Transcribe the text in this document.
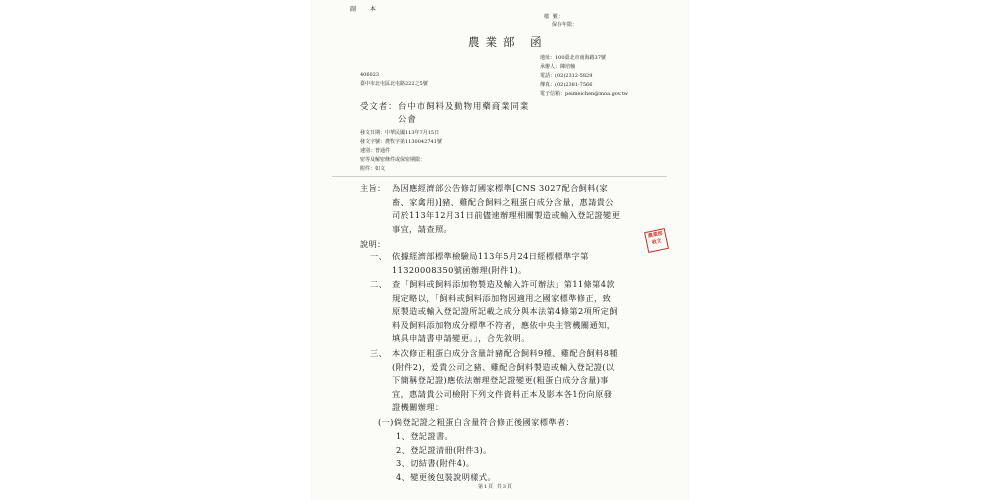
副 本
檔 號：
保存年限：
農業部 函
地址：100臺北市南海路37號
承辦人：陳培楠
電話：(02)2312-5829
傳真：(02)2381-7566
電子信箱：peimeichen@moa.gov.tw
406023
臺中市北屯區北屯路222之5號
受文者： 台中市飼料及動物用藥商業同業
公會
發文日期：中華民國113年7月15日
發文字號：農牧字第1130042741號
速別：普通件
密等及解密條件或保密期限：
附件：如文
主旨： 為因應經濟部公告修訂國家標準[CNS 3027配合飼料(家
畜、家禽用)]豬、雞配合飼料之粗蛋白成分含量，惠請貴公
司於113年12月31日前儘速辦理相關製造或輸入登記證變更
事宜，請查照。
說明：
一、 依據經濟部標準檢驗局113年5月24日經標標準字第
11320008350號函辦理(附件1)。
二、 查「飼料或飼料添加物製造及輸入許可辦法」第11條第4款
規定略以，「飼料或飼料添加物因適用之國家標準修正，致
原製造或輸入登記證所記載之成分與本法第4條第2項所定飼
料及飼料添加物成分標準不符者，應依中央主管機關通知，
填具申請書申請變更。」，合先敘明。
三、 本次修正粗蛋白成分含量計豬配合飼料9種、雞配合飼料8種
(附件2)，爰貴公司之豬、雞配合飼料製造或輸入登記證(以
下簡稱登記證)應依法辦理登記證變更(粗蛋白成分含量)事
宜，惠請貴公司檢附下列文件資料正本及影本各1份向原發
證機關辦理：
(一)倘登記證之粗蛋白含量符合修正後國家標準者：
1、登記證書。
2、登記證清冊(附件3)。
3、切結書(附件4)。
4、變更後包裝說明樣式。
農業部收文
第1頁 共3頁
